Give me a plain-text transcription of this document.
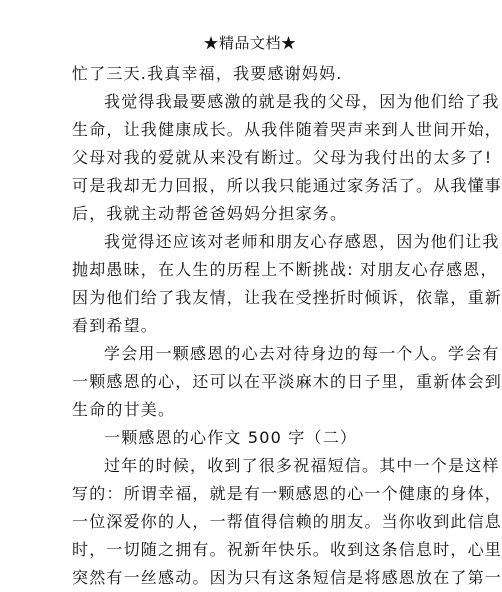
★精品文档★
忙了三天.我真幸福，我要感谢妈妈.
我觉得我最要感激的就是我的父母，因为他们给了我
生命，让我健康成长。从我伴随着哭声来到人世间开始，
父母对我的爱就从来没有断过。父母为我付出的太多了!
可是我却无力回报，所以我只能通过家务活了。从我懂事
后，我就主动帮爸爸妈妈分担家务。
我觉得还应该对老师和朋友心存感恩，因为他们让我
抛却愚昧，在人生的历程上不断挑战: 对朋友心存感恩，
因为他们给了我友情，让我在受挫折时倾诉，依靠，重新
看到希望。
学会用一颗感恩的心去对待身边的每一个人。学会有
一颗感恩的心，还可以在平淡麻木的日子里，重新体会到
生命的甘美。
一颗感恩的心作文 500 字（二）
过年的时候，收到了很多祝福短信。其中一个是这样
写的：所谓幸福，就是有一颗感恩的心一个健康的身体，
一位深爱你的人，一帮值得信赖的朋友。当你收到此信息
时，一切随之拥有。祝新年快乐。收到这条信息时，心里
突然有一丝感动。因为只有这条短信是将感恩放在了第一
